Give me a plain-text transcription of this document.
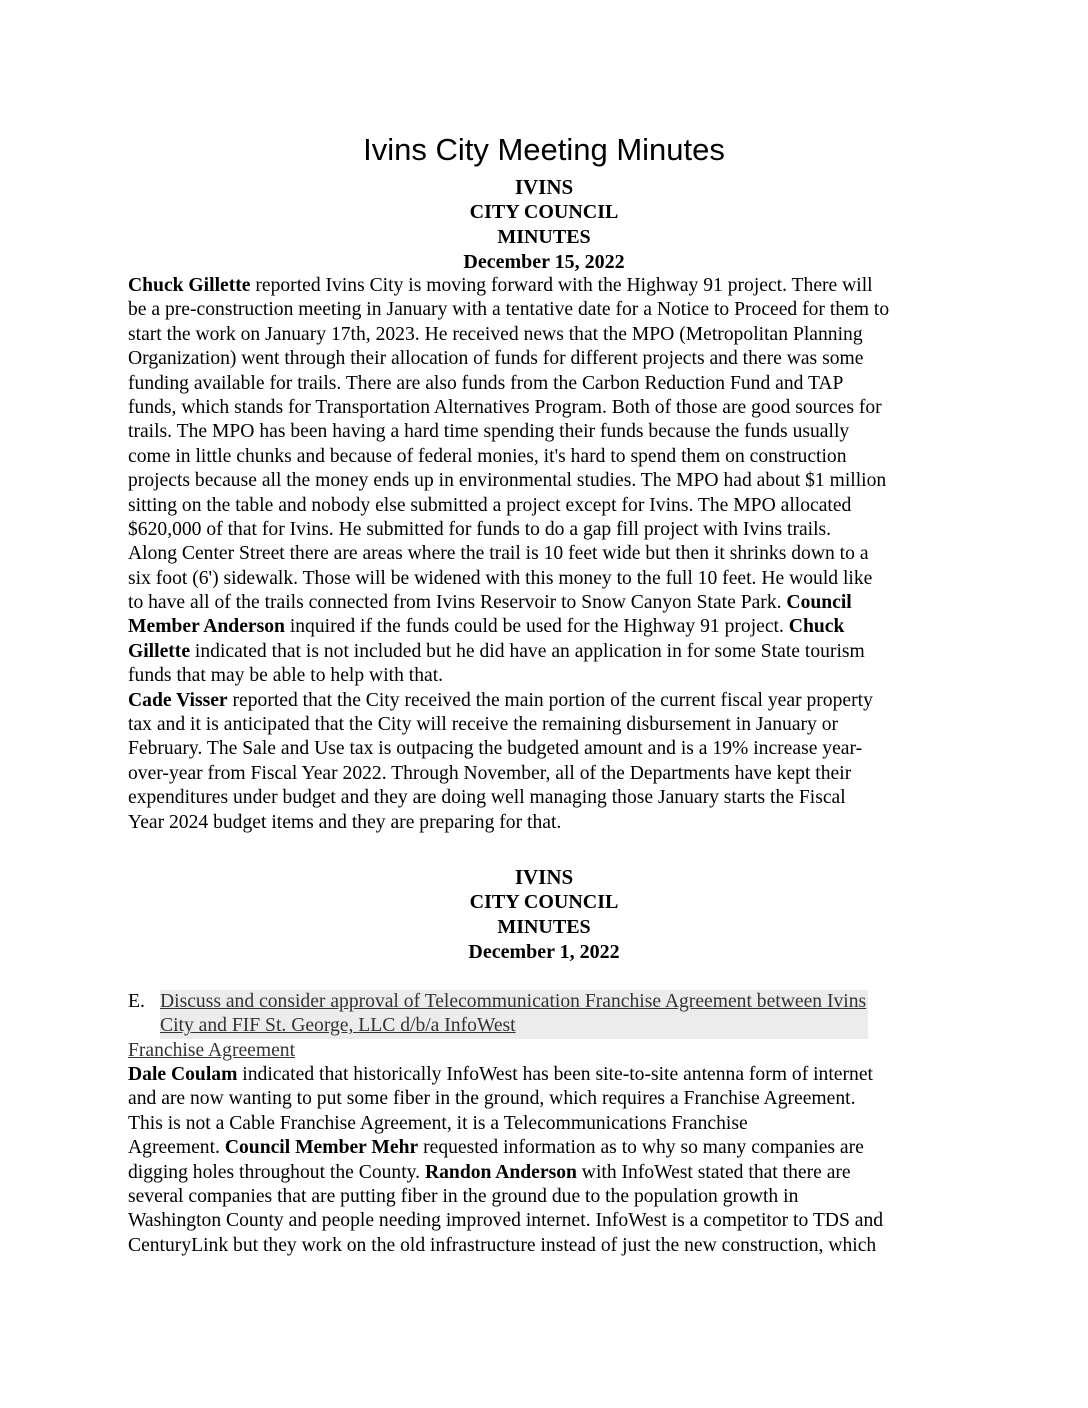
Ivins City Meeting Minutes
IVINS
CITY COUNCIL
MINUTES
December 15, 2022
Chuck Gillette reported Ivins City is moving forward with the Highway 91 project. There will
be a pre-construction meeting in January with a tentative date for a Notice to Proceed for them to
start the work on January 17th, 2023. He received news that the MPO (Metropolitan Planning
Organization) went through their allocation of funds for different projects and there was some
funding available for trails. There are also funds from the Carbon Reduction Fund and TAP
funds, which stands for Transportation Alternatives Program. Both of those are good sources for
trails. The MPO has been having a hard time spending their funds because the funds usually
come in little chunks and because of federal monies, it's hard to spend them on construction
projects because all the money ends up in environmental studies. The MPO had about $1 million
sitting on the table and nobody else submitted a project except for Ivins. The MPO allocated
$620,000 of that for Ivins. He submitted for funds to do a gap fill project with Ivins trails.
Along Center Street there are areas where the trail is 10 feet wide but then it shrinks down to a
six foot (6') sidewalk. Those will be widened with this money to the full 10 feet. He would like
to have all of the trails connected from Ivins Reservoir to Snow Canyon State Park. Council
Member Anderson inquired if the funds could be used for the Highway 91 project. Chuck
Gillette indicated that is not included but he did have an application in for some State tourism
funds that may be able to help with that.
Cade Visser reported that the City received the main portion of the current fiscal year property
tax and it is anticipated that the City will receive the remaining disbursement in January or
February. The Sale and Use tax is outpacing the budgeted amount and is a 19% increase year-
over-year from Fiscal Year 2022. Through November, all of the Departments have kept their
expenditures under budget and they are doing well managing those January starts the Fiscal
Year 2024 budget items and they are preparing for that.
IVINS
CITY COUNCIL
MINUTES
December 1, 2022
E. Discuss and consider approval of Telecommunication Franchise Agreement between Ivins
City and FIF St. George, LLC d/b/a InfoWest
Franchise Agreement
Dale Coulam indicated that historically InfoWest has been site-to-site antenna form of internet
and are now wanting to put some fiber in the ground, which requires a Franchise Agreement.
This is not a Cable Franchise Agreement, it is a Telecommunications Franchise
Agreement. Council Member Mehr requested information as to why so many companies are
digging holes throughout the County. Randon Anderson with InfoWest stated that there are
several companies that are putting fiber in the ground due to the population growth in
Washington County and people needing improved internet. InfoWest is a competitor to TDS and
CenturyLink but they work on the old infrastructure instead of just the new construction, which
